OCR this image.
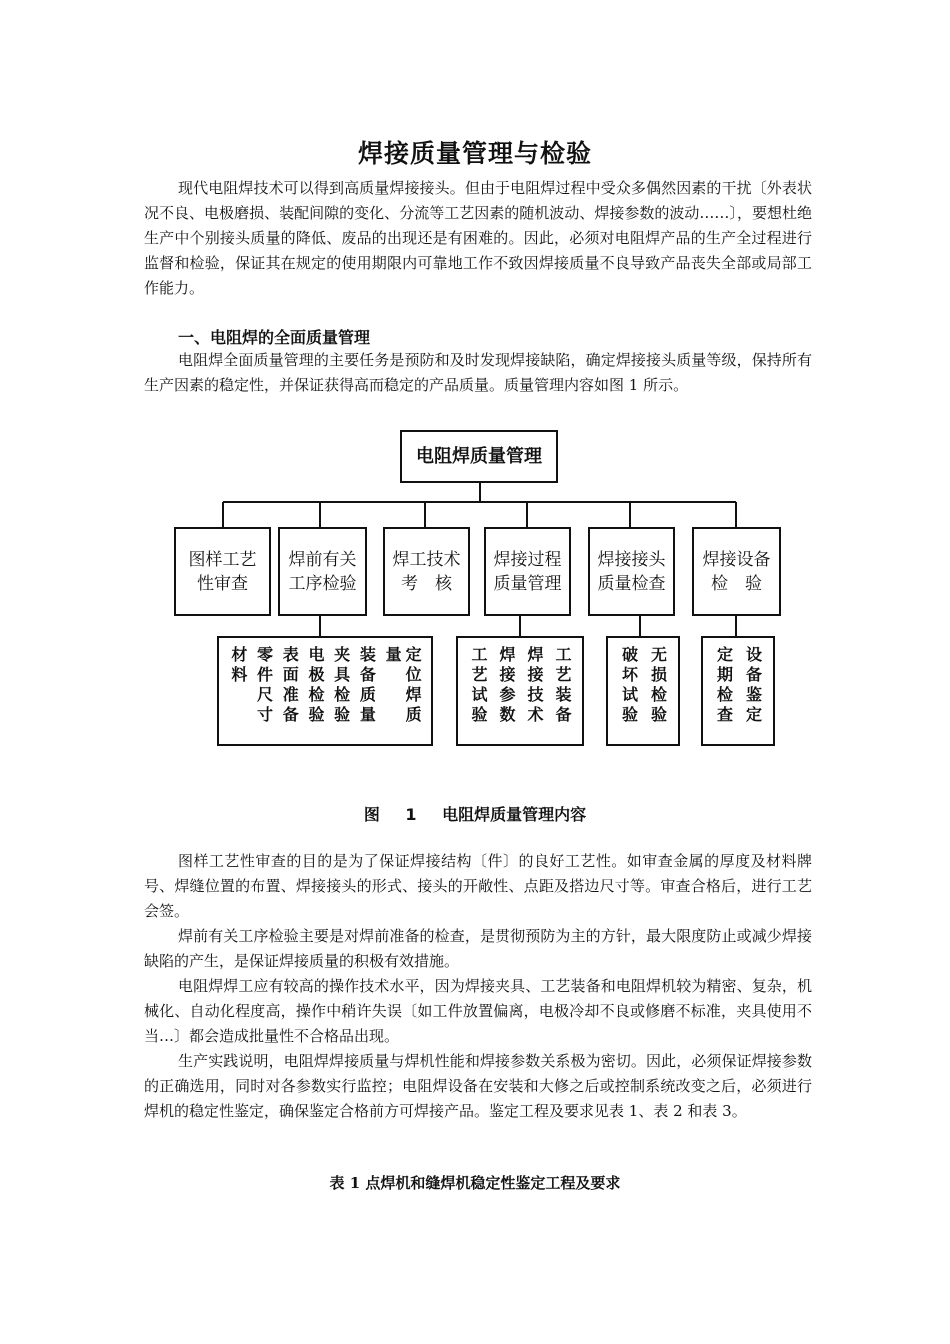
焊接质量管理与检验

现代电阻焊技术可以得到高质量焊接接头。但由于电阻焊过程中受众多偶然因素的干扰〔外表状况不良、电极磨损、装配间隙的变化、分流等工艺因素的随机波动、焊接参数的波动……〕，要想杜绝生产中个别接头质量的降低、废品的出现还是有困难的。因此，必须对电阻焊产品的生产全过程进行监督和检验，保证其在规定的使用期限内可靠地工作不致因焊接质量不良导致产品丧失全部或局部工作能力。

一、电阻焊的全面质量管理

电阻焊全面质量管理的主要任务是预防和及时发现焊接缺陷，确定焊接接头质量等级，保持所有生产因素的稳定性，并保证获得高而稳定的产品质量。质量管理内容如图 1 所示。

电阻焊质量管理
图样工艺
性审查
焊前有关
工序检验
焊工技术
考　核
焊接过程
质量管理
焊接接头
质量检查
焊接设备
检　验
材料 零件尺寸 表面准备 电极检验 夹具检验 装备质量	定位焊质量	工艺试验 焊接参数 焊接技术 工艺装备	破坏试验 无损检验	定期检查 设备鉴定
图 1 电阻焊质量管理内容

图样工艺性审查的目的是为了保证焊接结构〔件〕的良好工艺性。如审查金属的厚度及材料牌号、焊缝位置的布置、焊接接头的形式、接头的开敞性、点距及搭边尺寸等。审查合格后，进行工艺会签。

焊前有关工序检验主要是对焊前准备的检查，是贯彻预防为主的方针，最大限度防止或减少焊接缺陷的产生，是保证焊接质量的积极有效措施。

电阻焊焊工应有较高的操作技术水平，因为焊接夹具、工艺装备和电阻焊机较为精密、复杂，机械化、自动化程度高，操作中稍许失误〔如工件放置偏离，电极冷却不良或修磨不标准，夹具使用不当…〕都会造成批量性不合格品出现。

生产实践说明，电阻焊焊接质量与焊机性能和焊接参数关系极为密切。因此，必须保证焊接参数的正确选用，同时对各参数实行监控；电阻焊设备在安装和大修之后或控制系统改变之后，必须进行焊机的稳定性鉴定，确保鉴定合格前方可焊接产品。鉴定工程及要求见表 1、表 2 和表 3。

表 1 点焊机和缝焊机稳定性鉴定工程及要求
